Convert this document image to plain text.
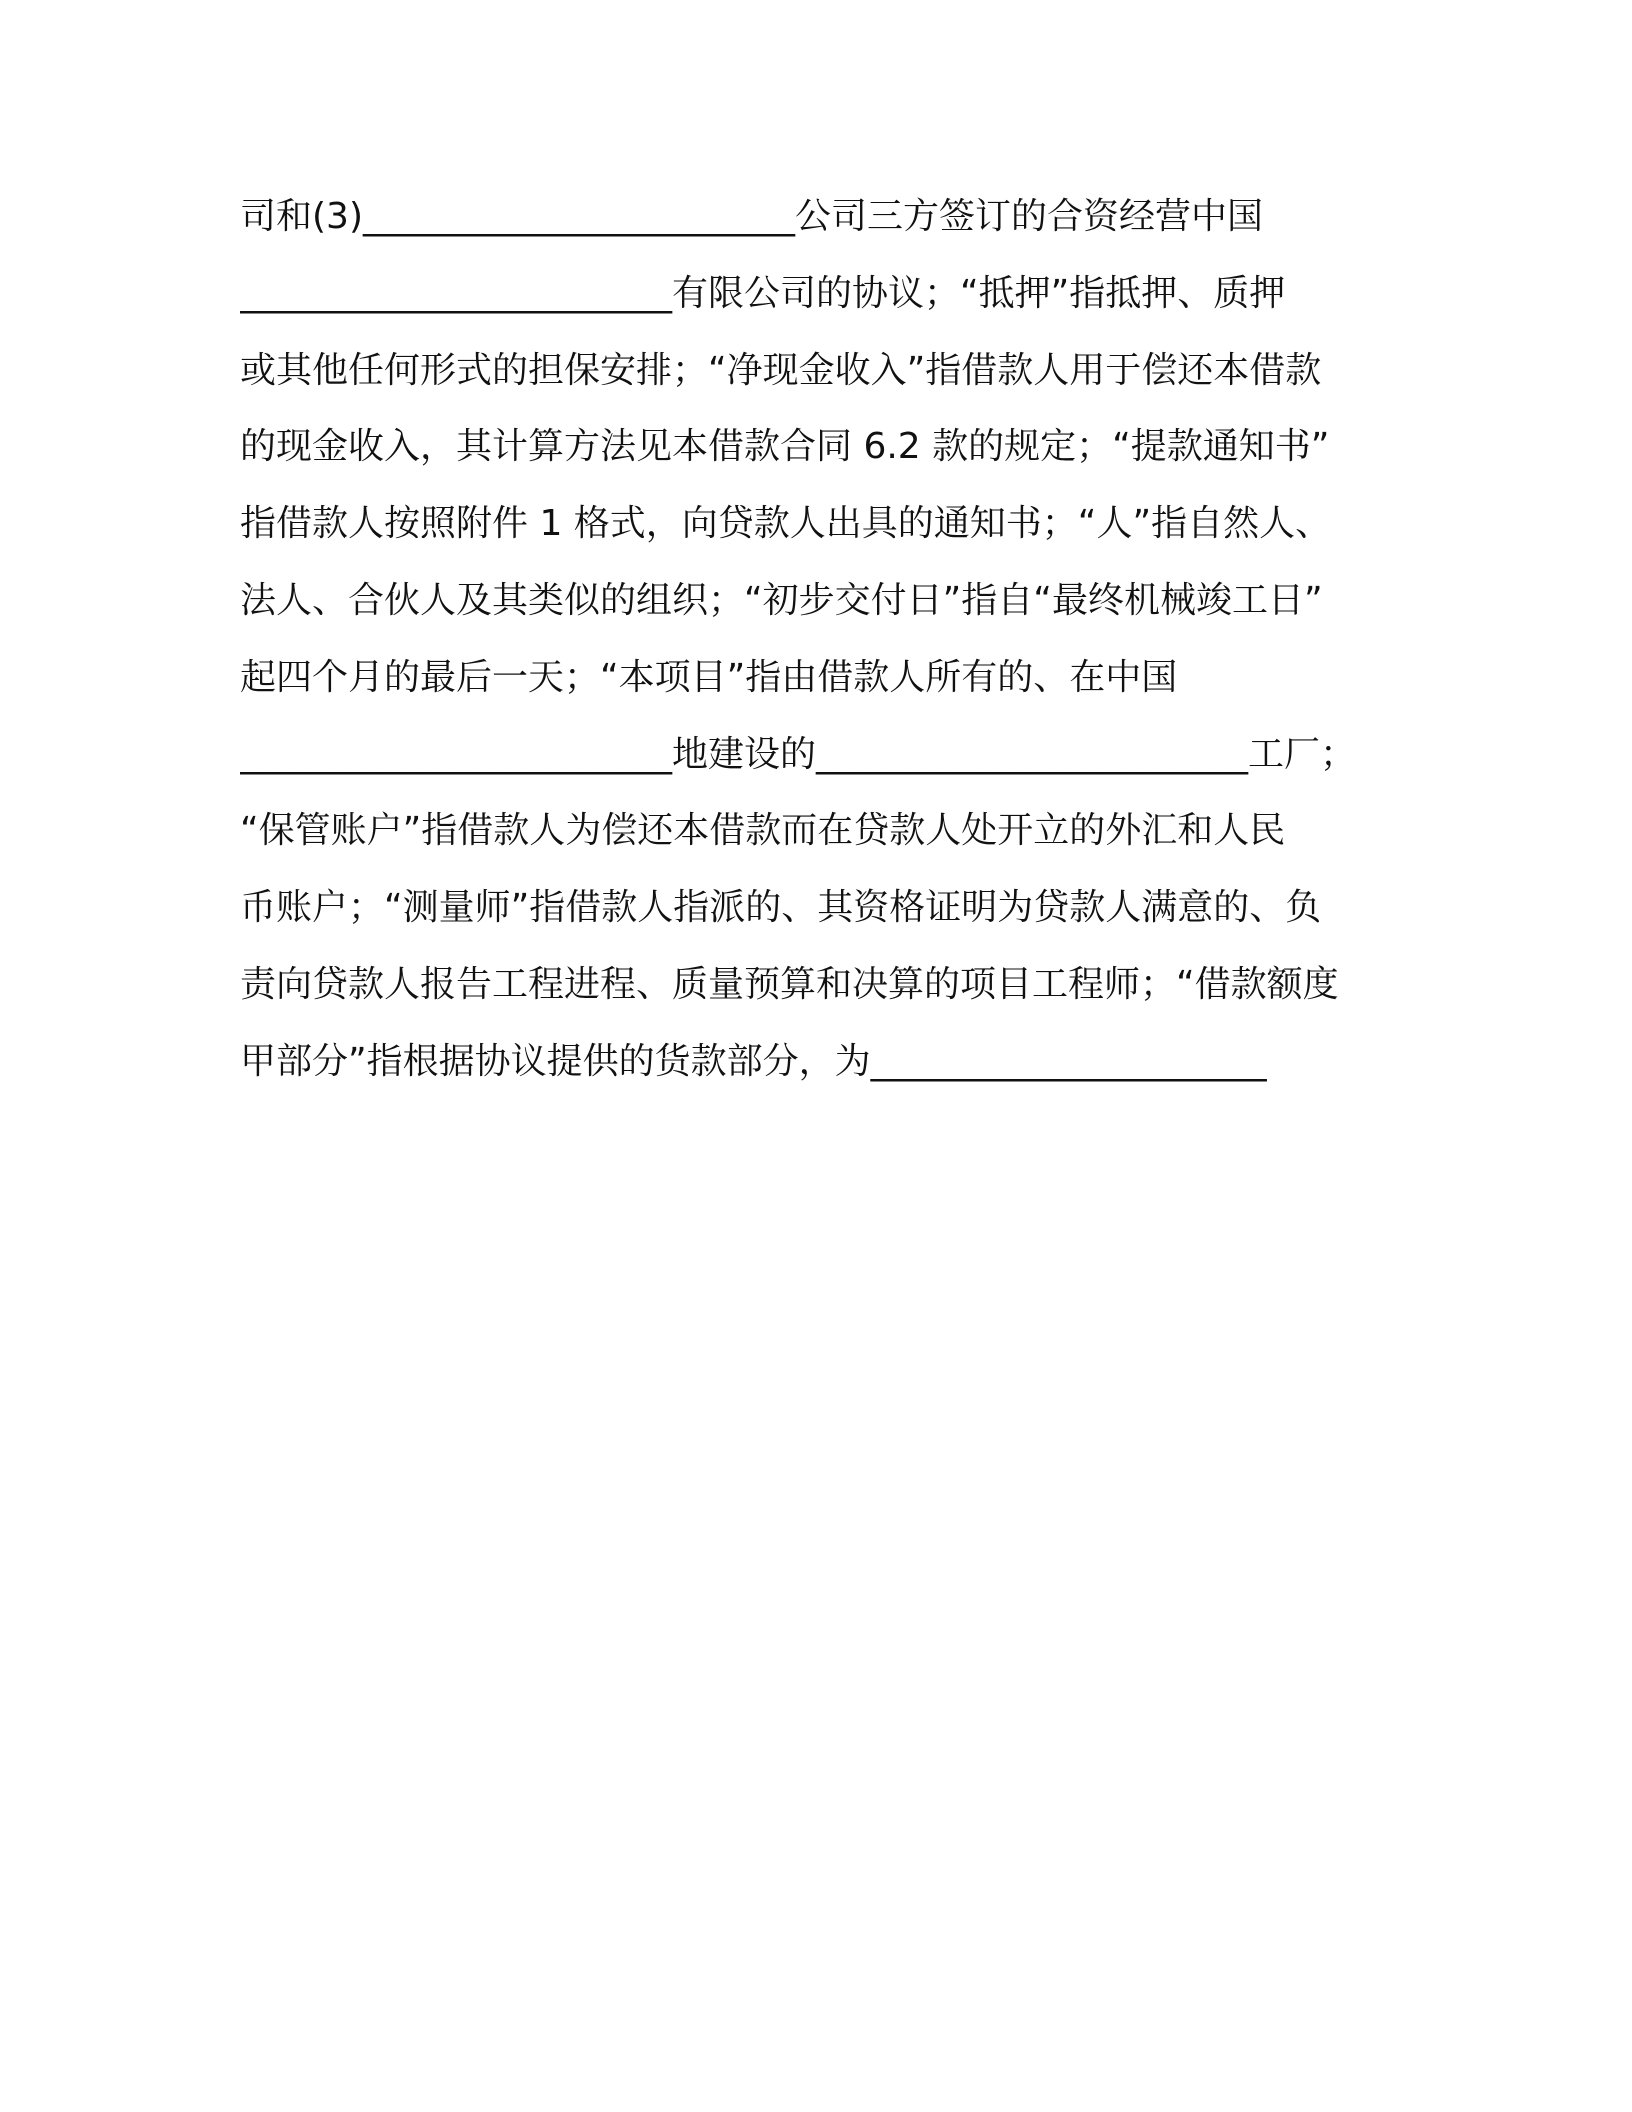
司和(3)________________________公司三方签订的合资经营中国
________________________有限公司的协议；“抵押”指抵押、质押
或其他任何形式的担保安排；“净现金收入”指借款人用于偿还本借款
的现金收入，其计算方法见本借款合同 6.2 款的规定；“提款通知书”
指借款人按照附件 1 格式，向贷款人出具的通知书；“人”指自然人、
法人、合伙人及其类似的组织；“初步交付日”指自“最终机械竣工日”
起四个月的最后一天；“本项目”指由借款人所有的、在中国
________________________地建设的________________________工厂；
“保管账户”指借款人为偿还本借款而在贷款人处开立的外汇和人民
币账户；“测量师”指借款人指派的、其资格证明为贷款人满意的、负
责向贷款人报告工程进程、质量预算和决算的项目工程师；“借款额度
甲部分”指根据协议提供的货款部分，为______________________
